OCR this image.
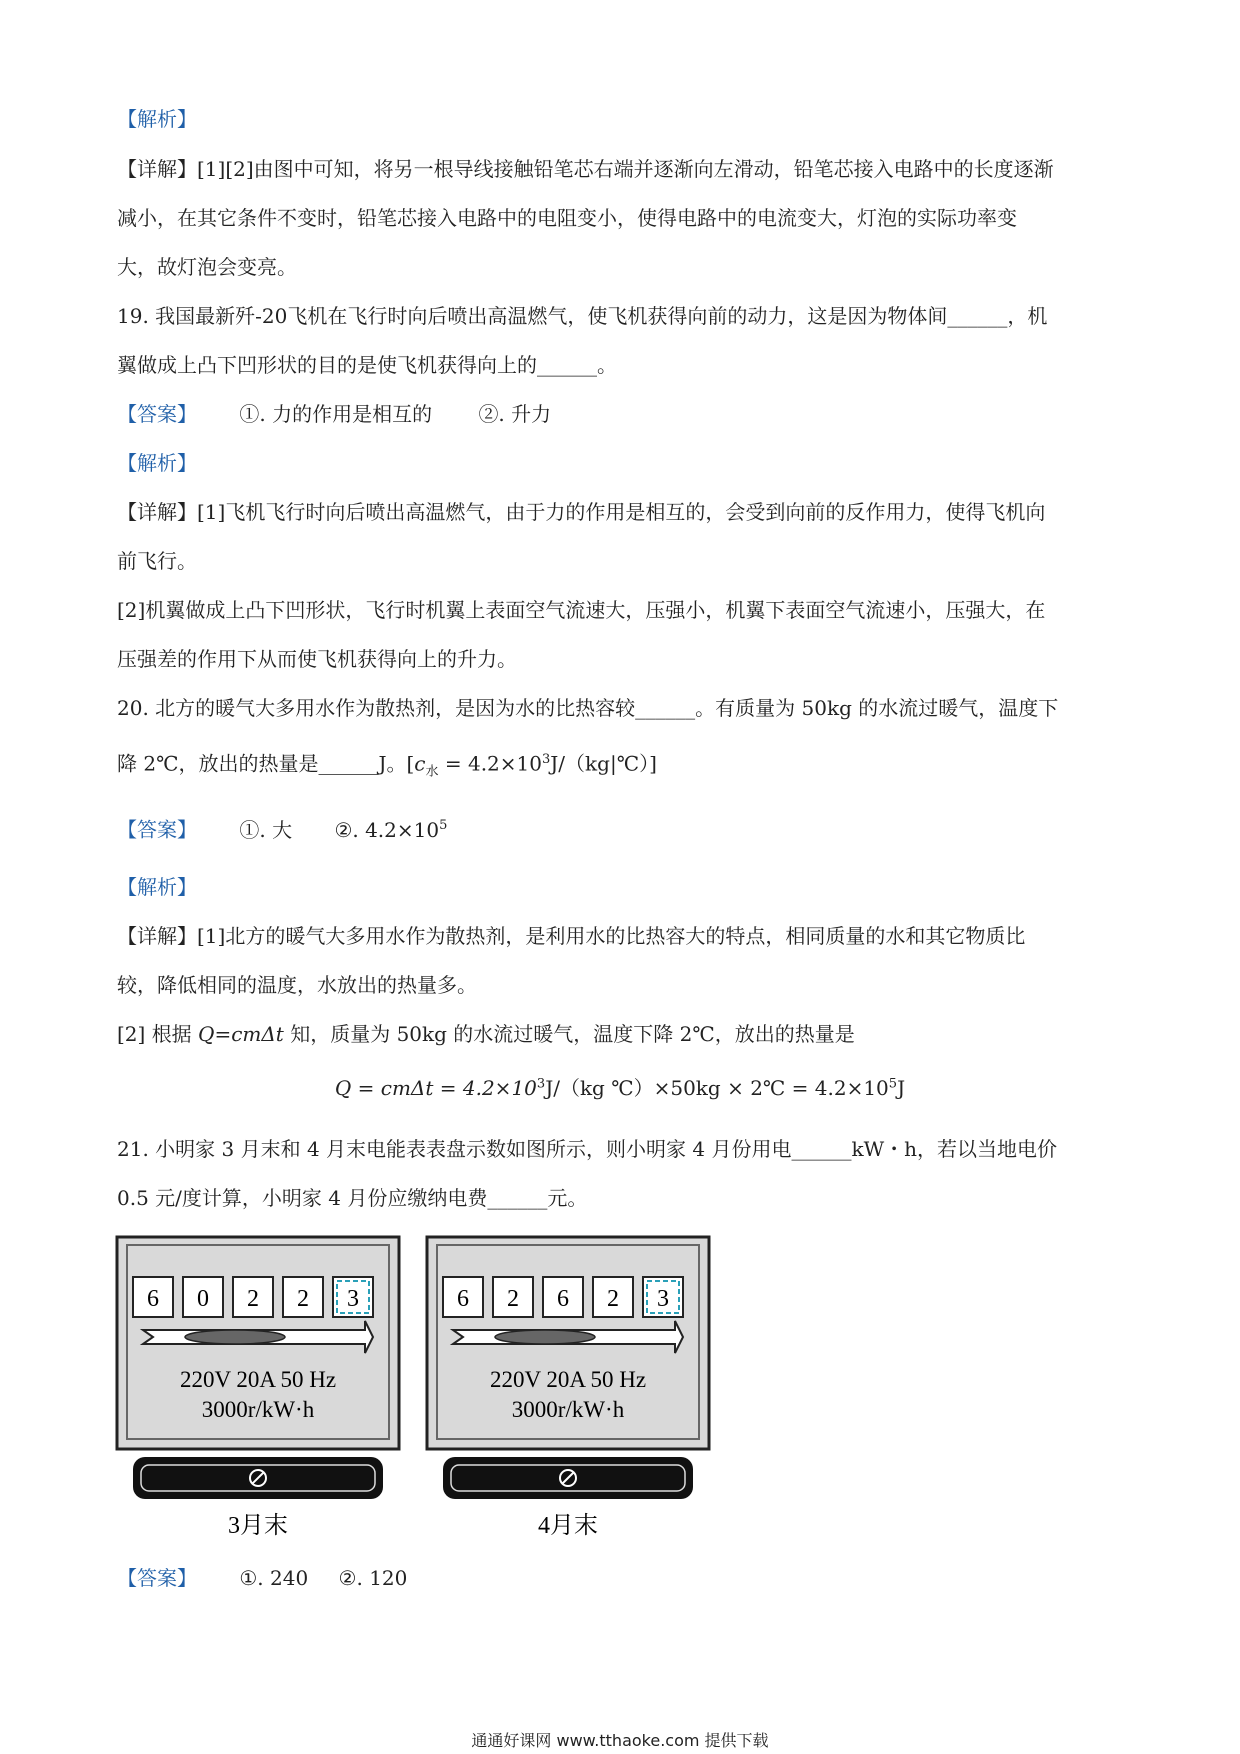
【解析】
【详解】[1][2]由图中可知，将另一根导线接触铅笔芯右端并逐渐向左滑动，铅笔芯接入电路中的长度逐渐
减小，在其它条件不变时，铅笔芯接入电路中的电阻变小，使得电路中的电流变大，灯泡的实际功率变
大，故灯泡会变亮。
19. 我国最新歼-20飞机在飞行时向后喷出高温燃气，使飞机获得向前的动力，这是因为物体间______，机
翼做成上凸下凹形状的目的是使飞机获得向上的______。
【答案】 ①. 力的作用是相互的 ②. 升力
【解析】
【详解】[1]飞机飞行时向后喷出高温燃气，由于力的作用是相互的，会受到向前的反作用力，使得飞机向
前飞行。
[2]机翼做成上凸下凹形状，飞行时机翼上表面空气流速大，压强小，机翼下表面空气流速小，压强大，在
压强差的作用下从而使飞机获得向上的升力。
20. 北方的暖气大多用水作为散热剂，是因为水的比热容较______。有质量为 50kg 的水流过暖气，温度下
降 2℃，放出的热量是______J。[$c_水$ = $4.2\times 10^3J/(kg|℃)$]
【答案】 ①. 大 ②. $4.2\times 10^5$
【解析】
【详解】[1]北方的暖气大多用水作为散热剂，是利用水的比热容大的特点，相同质量的水和其它物质比
较，降低相同的温度，水放出的热量多。
[2] 根据 Q=cmΔt 知，质量为 50kg 的水流过暖气，温度下降 2℃，放出的热量是
$Q = cm\Delta t = 4.2\times 10^3J/(kg$ ℃）×50kg × 2℃ = $4.2\times 10^5J$
21. 小明家 3 月末和 4 月末电能表表盘示数如图所示，则小明家 4 月份用电______kW・h，若以当地电价
0.5 元/度计算，小明家 4 月份应缴纳电费______元。
6 0 2 2 3
220V 20A 50 Hz
3000r/kW·h
3月末
6 2 6 2 3
220V 20A 50 Hz
3000r/kW·h
4月末
【答案】 ①. 240 ②. 120
通通好课网 www.tthaoke.com 提供下载
